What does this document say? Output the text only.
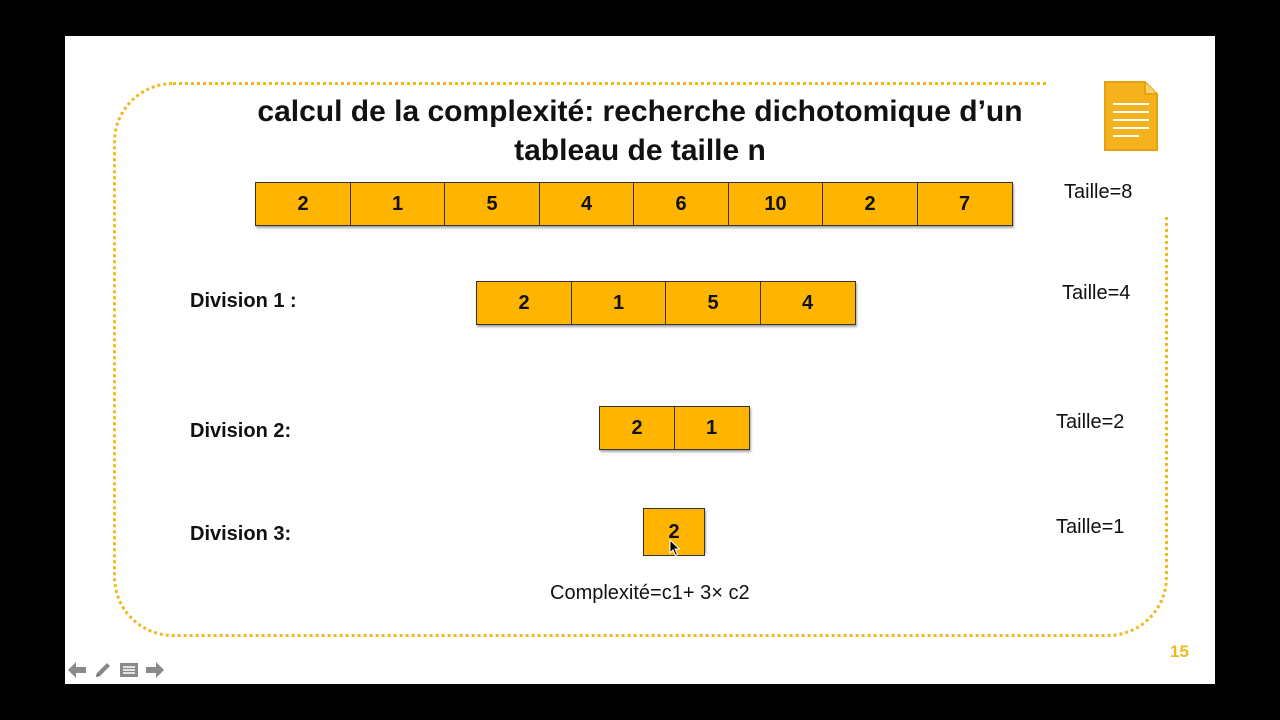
calcul de la complexité: recherche dichotomique d’un
tableau de taille n
2	1	5	4	6	10	2	7
Taille=8
Division 1 :	2	1	5	4	Taille=4
Division 2:	2	1	Taille=2
Division 3:	2	Taille=1
Complexité=c1+ 3× c2
15
